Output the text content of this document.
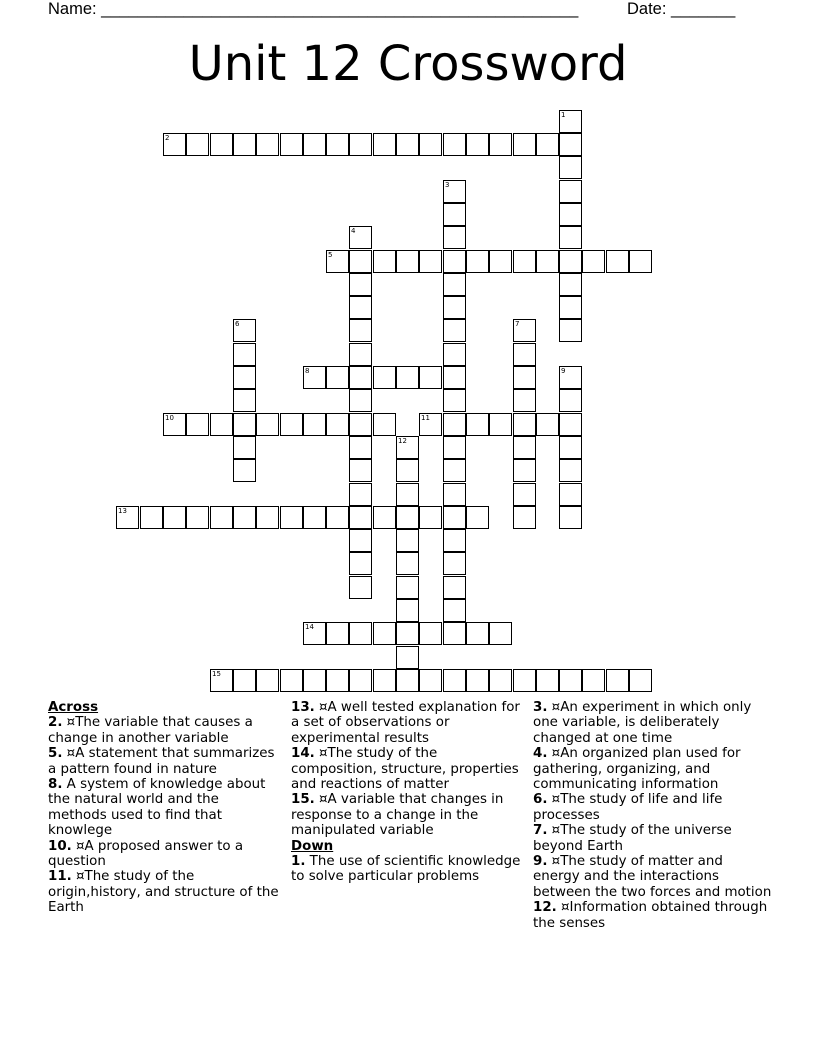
Name: ____________________________________________________	Date: _______
Unit 12 Crossword
1
2
3
4
5
6	7
8	9
10	11
12
13
14
15
Across

2. ¤The variable that causes a change in another variable

5. ¤A statement that summarizes a pattern found in nature

8. A system of knowledge about the natural world and the methods used to find that knowlege

10. ¤A proposed answer to a question

11. ¤The study of the origin,history, and structure of the Earth

13. ¤A well tested explanation for a set of observations or experimental results

14. ¤The study of the composition, structure, properties and reactions of matter

15. ¤A variable that changes in response to a change in the manipulated variable

Down

1. The use of scientific knowledge to solve particular problems

3. ¤An experiment in which only one variable, is deliberately changed at one time

4. ¤An organized plan used for gathering, organizing, and communicating information

6. ¤The study of life and life processes

7. ¤The study of the universe beyond Earth

9. ¤The study of matter and energy and the interactions between the two forces and motion

12. ¤Information obtained through the senses
